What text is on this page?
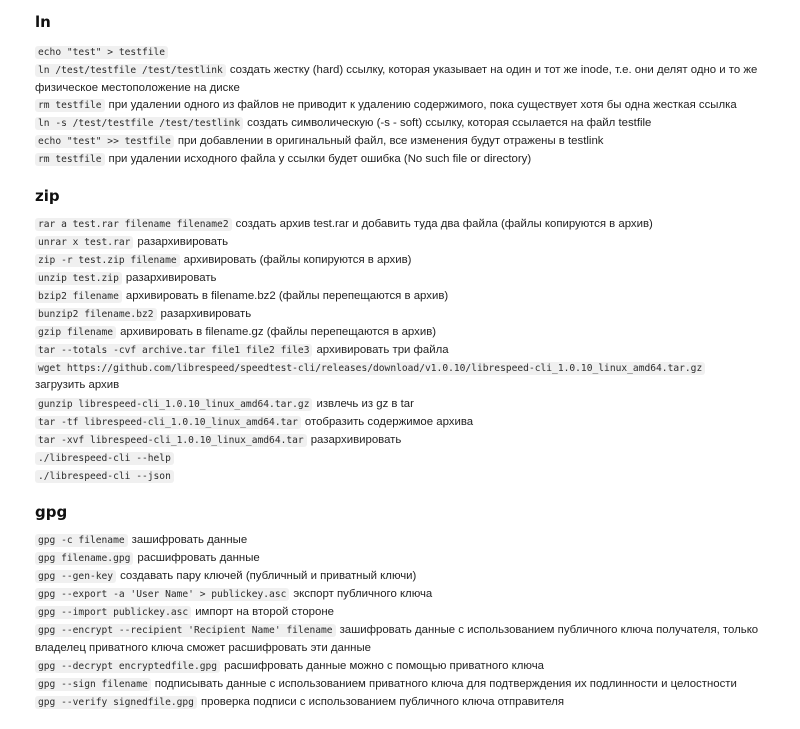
ln
echo "test" > testfile
ln /test/testfile /test/testlink создать жестку (hard) ссылку, которая указывает на один и тот же inode, т.е. они делят одно и то же физическое местоположение на диске
rm testfile при удалении одного из файлов не приводит к удалению содержимого, пока существует хотя бы одна жесткая ссылка
ln -s /test/testfile /test/testlink создать символическую (-s - soft) ссылку, которая ссылается на файл testfile
echo "test" >> testfile при добавлении в оригинальный файл, все изменения будут отражены в testlink
rm testfile при удалении исходного файла у ссылки будет ошибка (No such file or directory)
zip
rar a test.rar filename filename2 создать архив test.rar и добавить туда два файла (файлы копируются в архив)
unrar x test.rar разархивировать
zip -r test.zip filename архивировать (файлы копируются в архив)
unzip test.zip разархивировать
bzip2 filename архивировать в filename.bz2 (файлы перепещаются в архив)
bunzip2 filename.bz2 разархивировать
gzip filename архивировать в filename.gz (файлы перепещаются в архив)
tar --totals -cvf archive.tar file1 file2 file3 архивировать три файла
wget https://github.com/librespeed/speedtest-cli/releases/download/v1.0.10/librespeed-cli_1.0.10_linux_amd64.tar.gz
загрузить архив
gunzip librespeed-cli_1.0.10_linux_amd64.tar.gz извлечь из gz в tar
tar -tf librespeed-cli_1.0.10_linux_amd64.tar отобразить содержимое архива
tar -xvf librespeed-cli_1.0.10_linux_amd64.tar разархивировать
./librespeed-cli --help
./librespeed-cli --json
gpg
gpg -c filename зашифровать данные
gpg filename.gpg расшифровать данные
gpg --gen-key создавать пару ключей (публичный и приватный ключи)
gpg --export -a 'User Name' > publickey.asc экспорт публичного ключа
gpg --import publickey.asc импорт на второй стороне
gpg --encrypt --recipient 'Recipient Name' filename зашифровать данные с использованием публичного ключа получателя, только владелец приватного ключа сможет расшифровать эти данные
gpg --decrypt encryptedfile.gpg расшифровать данные можно с помощью приватного ключа
gpg --sign filename подписывать данные с использованием приватного ключа для подтверждения их подлинности и целостности
gpg --verify signedfile.gpg проверка подписи с использованием публичного ключа отправителя
